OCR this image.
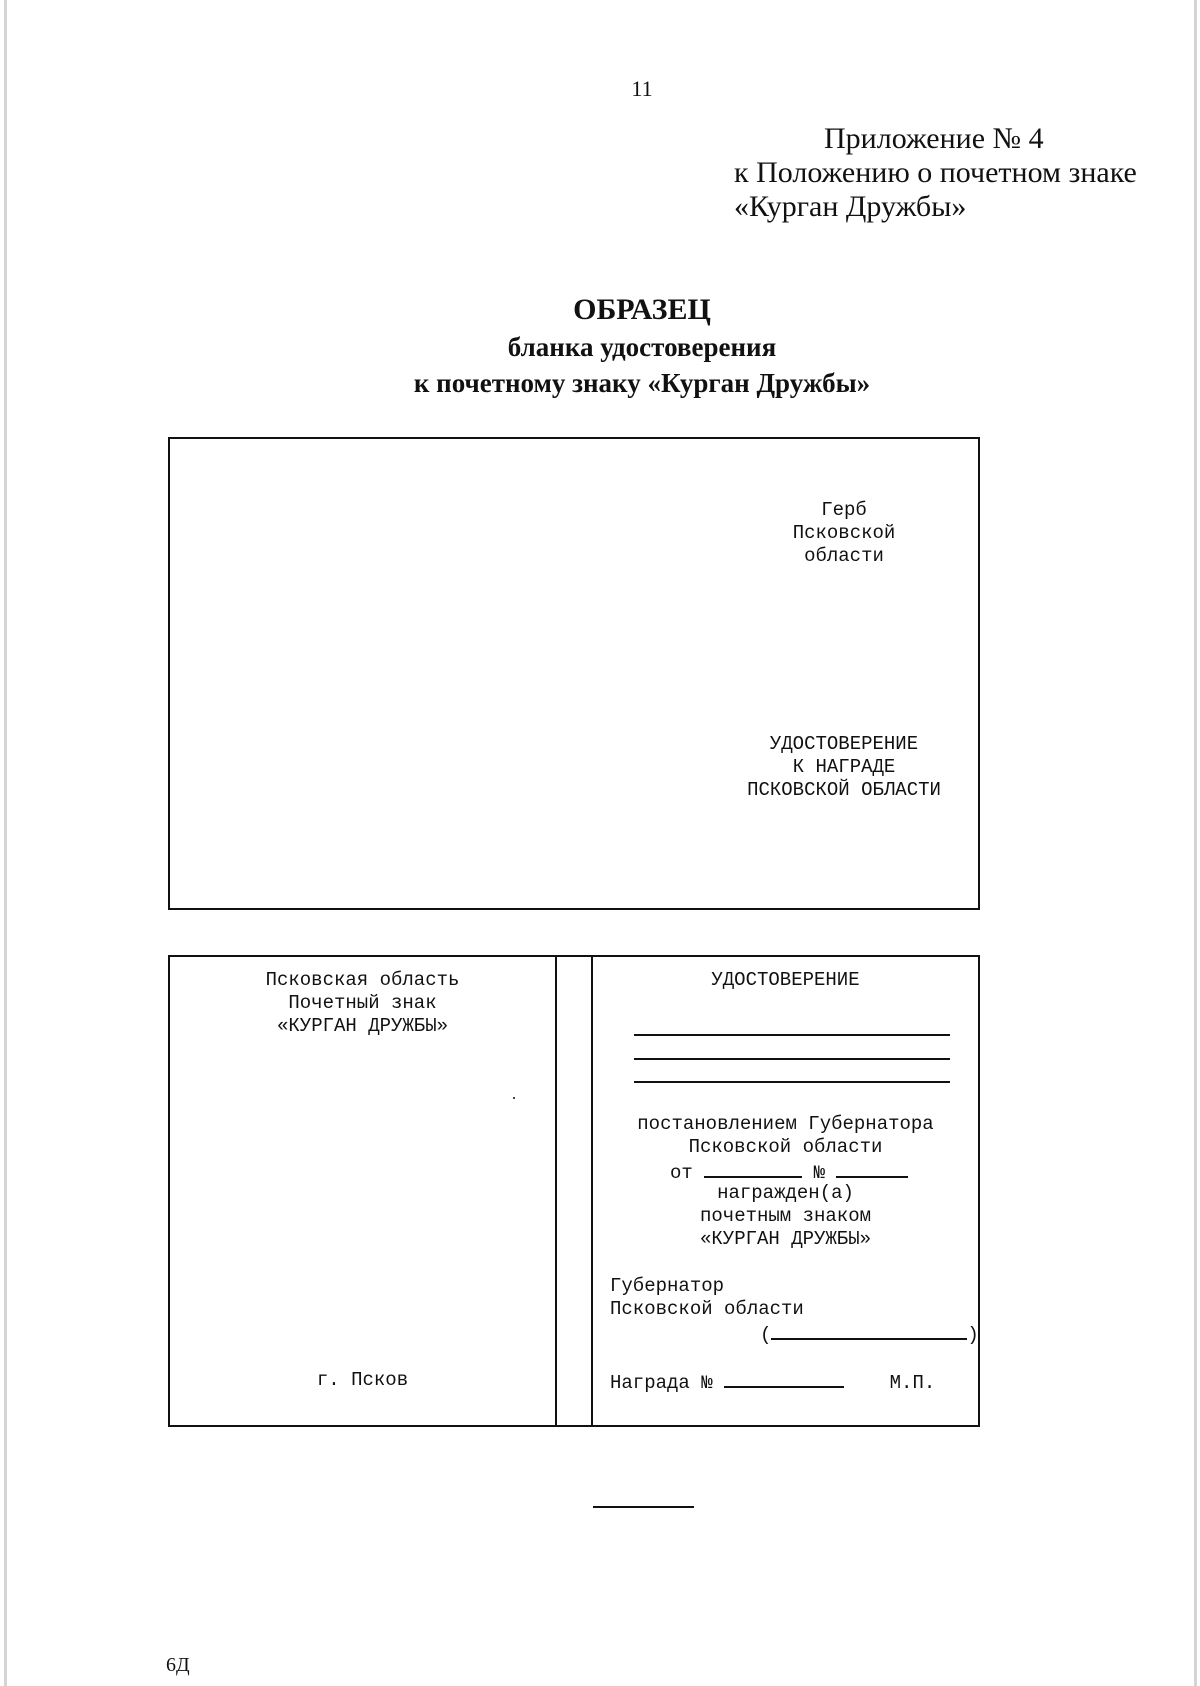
11
Приложение № 4
к Положению о почетном знаке
«Курган Дружбы»
ОБРАЗЕЦ
бланка удостоверения
к почетному знаку «Курган Дружбы»
Герб
Псковской
области
УДОСТОВЕРЕНИЕ
К НАГРАДЕ
ПСКОВСКОЙ ОБЛАСТИ
Псковская область
Почетный знак
«КУРГАН ДРУЖБЫ»
г. Псков
УДОСТОВЕРЕНИЕ
постановлением Губернатора
Псковской области
от	№
награжден(а)
почетным знаком
«КУРГАН ДРУЖБЫ»
Губернатор
Псковской области
(	)
Награда №	М.П.
6Д
